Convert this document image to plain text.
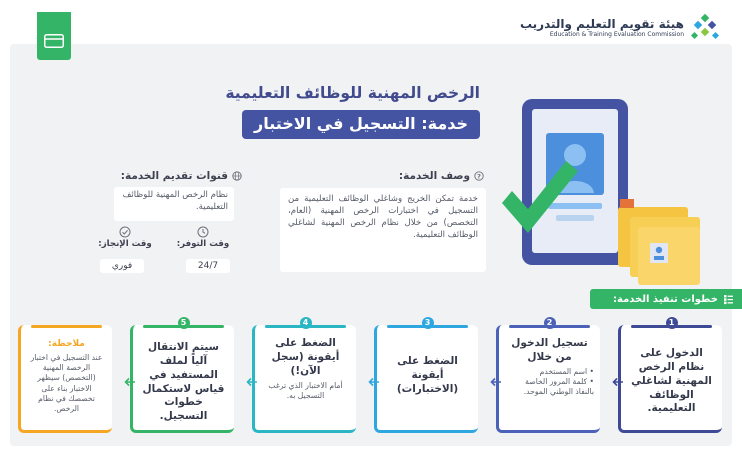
هيئة تقويم التعليم والتدريب
Education & Training Evaluation Commission
الرخص المهنية للوظائف التعليمية
خدمة: التسجيل في الاختبار
?
وصف الخدمة:
خدمة تمكن الخريج وشاغلي الوظائف التعليمية من التسجيل في اختبارات الرخص المهنية (العام، التخصص) من خلال نظام الرخص المهنية لشاغلي الوظائف التعليمية.
قنوات تقديم الخدمة:
نظام الرخص المهنية للوظائف التعليمية.
وقت التوفر:
24/7
وقت الإنجاز:
فوري
خطوات تنفيذ الخدمة:
1
الدخول على نظام الرخص المهنية لشاغلي الوظائف التعليمية.
2
تسجيل الدخول من خلال
• اسم المستخدم
• كلمة المرور الخاصة بالنفاذ الوطني الموحد.
3
الضغط على أيقونة (الاختبارات)
4
الضغط على أيقونة (سجل الآن!)
أمام الاختبار الذي ترغب التسجيل به.
5
سيتم الانتقال آلياً لملف المستفيد في قياس لاستكمال خطوات التسجيل.
ملاحظة:
عند التسجيل في اختبار الرخصة المهنية (التخصص) سيظهر الاختبار بناء على تخصصك في نظام الرخص.
